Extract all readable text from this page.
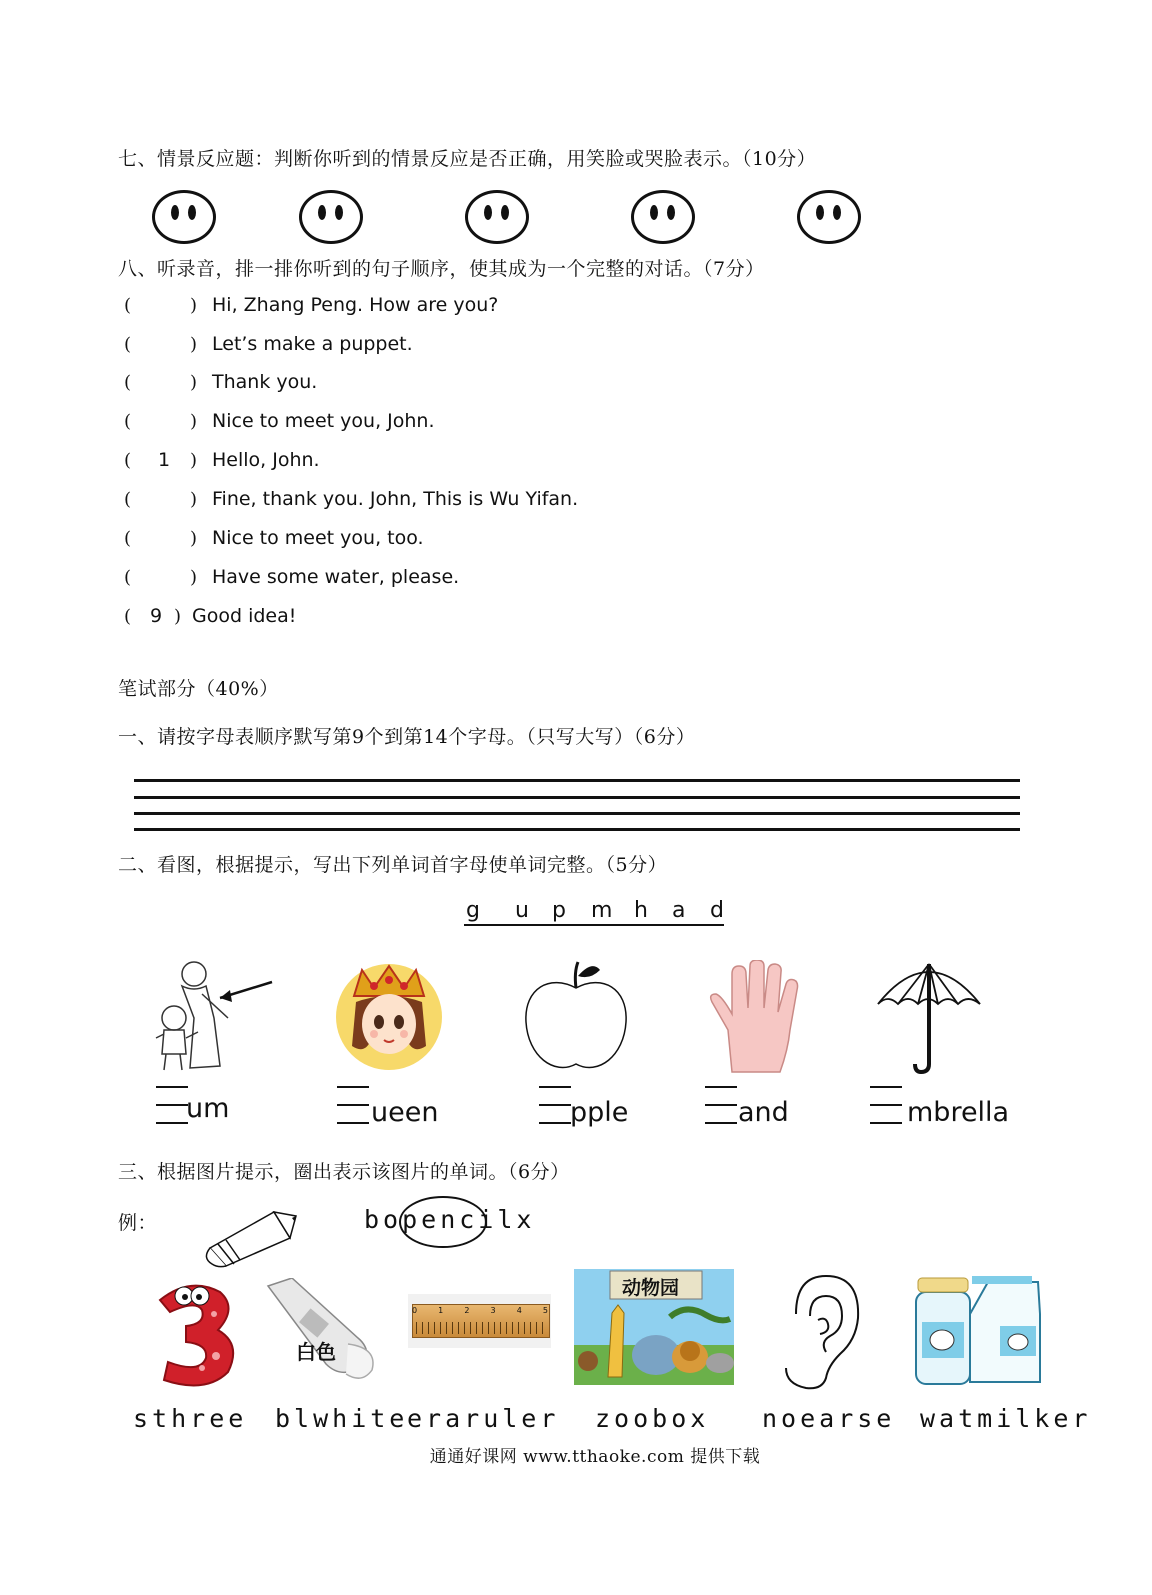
七、情景反应题：判断你听到的情景反应是否正确，用笑脸或哭脸表示。（10分）
八、听录音，排一排你听到的句子顺序，使其成为一个完整的对话。（7分）
(	) Hi, Zhang Peng. How are you?
(	) Let’s make a puppet.
(	) Thank you.
(	) Nice to meet you, John.
(	1	) Hello, John.
(	) Fine, thank you. John, This is Wu Yifan.
(	) Nice to meet you, too.
(	) Have some water, please.
( 9 ) Good idea!
笔试部分（40%）
一、请按字母表顺序默写第9个到第14个字母。（只写大写）（6分）
二、看图，根据提示，写出下列单词首字母使单词完整。（5分）
g u p m h a d
um	ueen	pple	and	mbrella
三、根据图片提示，圈出表示该图片的单词。（6分）
例：	bopencilx
白色
0	1	2	3	4	5
动物园
sthree blwhite
eraruler zoobox noearse watmilker
通通好课网 www.tthaoke.com 提供下载
